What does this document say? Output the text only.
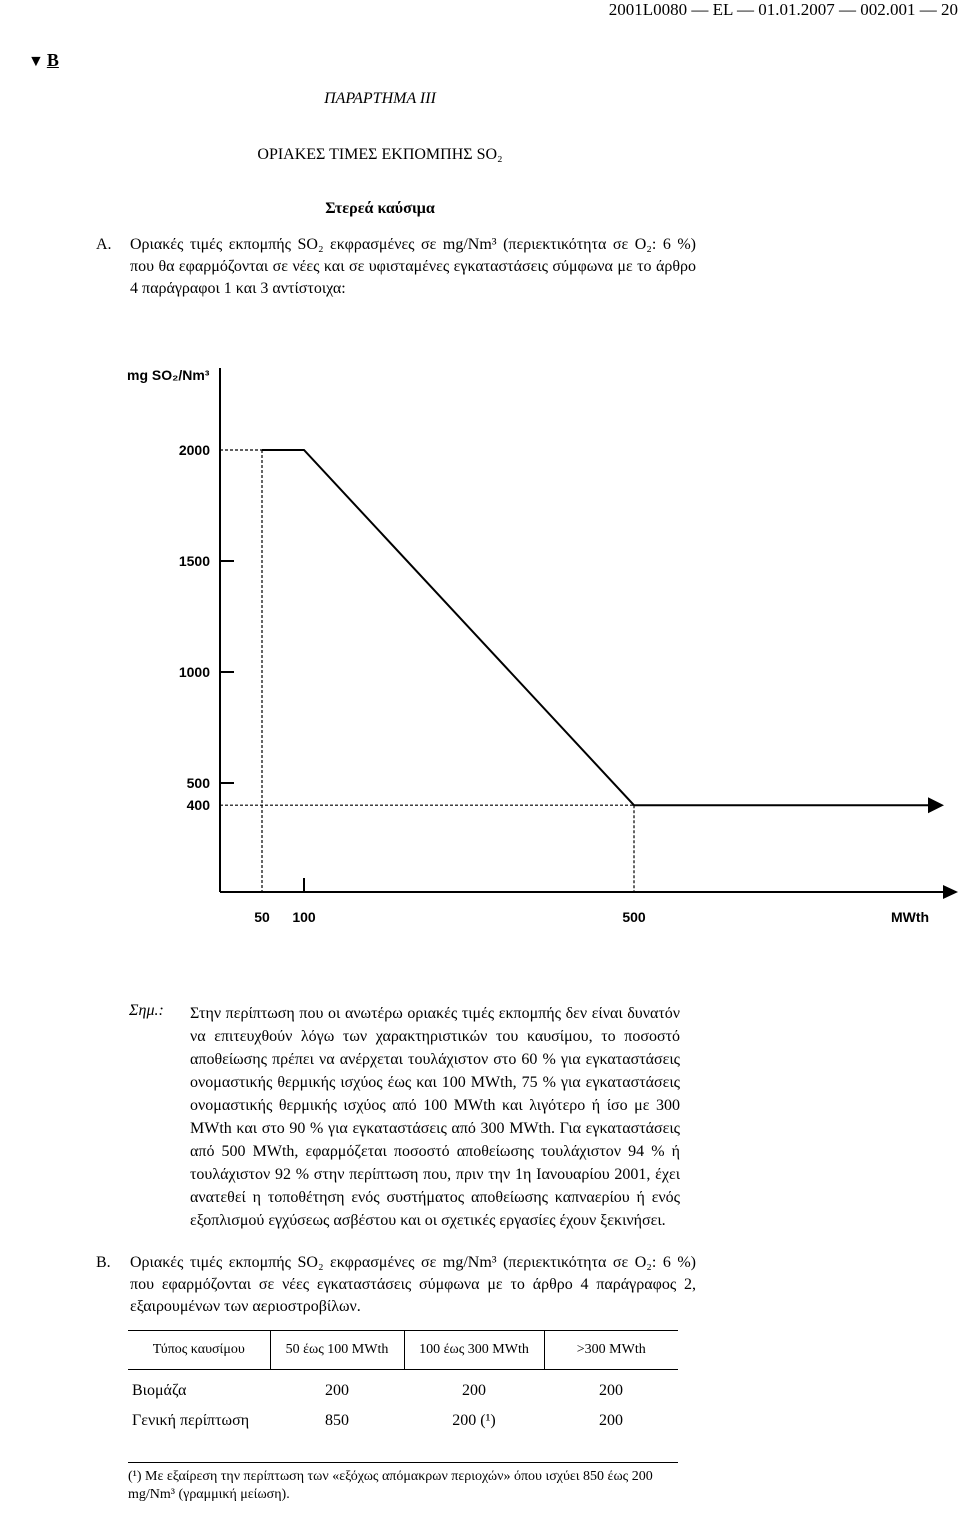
2001L0080 — EL — 01.01.2007 — 002.001 — 20
▼ B
ΠΑΡΑΡΤΗΜΑ III
ΟΡΙΑΚΕΣ ΤΙΜΕΣ ΕΚΠΟΜΠΗΣ SO₂
Στερεά καύσιμα
A. Οριακές τιμές εκπομπής SO₂ εκφρασμένες σε mg/Nm³ (περιεκτικότητα σε O₂: 6 %) που θα εφαρμόζονται σε νέες και σε υφισταμένες εγκαταστάσεις σύμφωνα με το άρθρο 4 παράγραφοι 1 και 3 αντίστοιχα:
mg SO₂/Nm³
MWth
2000
1500
1000
500
400
50 100	500
Σημ.: Στην περίπτωση που οι ανωτέρω οριακές τιμές εκπομπής δεν είναι δυνατόν να επιτευχθούν λόγω των χαρακτηριστικών του καυσίμου, το ποσοστό αποθείωσης πρέπει να ανέρχεται τουλάχιστον στο 60 % για εγκαταστάσεις ονομαστικής θερμικής ισχύος έως και 100 MWth, 75 % για εγκαταστάσεις ονομαστικής θερμικής ισχύος από 100 MWth και λιγότερο ή ίσο με 300 MWth και στο 90 % για εγκαταστάσεις από 300 MWth. Για εγκαταστάσεις από 500 MWth, εφαρμόζεται ποσοστό αποθείωσης τουλάχιστον 94 % ή τουλάχιστον 92 % στην περίπτωση που, πριν την 1η Ιανουαρίου 2001, έχει ανατεθεί η τοποθέτηση ενός συστήματος αποθείωσης καπναερίου ή ενός εξοπλισμού εγχύσεως ασβέστου και οι σχετικές εργασίες έχουν ξεκινήσει.
B. Οριακές τιμές εκπομπής SO₂ εκφρασμένες σε mg/Nm³ (περιεκτικότητα σε O₂: 6 %) που εφαρμόζονται σε νέες εγκαταστάσεις σύμφωνα με το άρθρο 4 παράγραφος 2, εξαιρουμένων των αεριοστροβίλων.
Τύπος καυσίμου	50 έως 100 MWth	100 έως 300 MWth	>300 MWth
Βιομάζα	200	200	200
Γενική περίπτωση	850	200 (¹)	200
(¹) Με εξαίρεση την περίπτωση των «εξόχως απόμακρων περιοχών» όπου ισχύει 850 έως 200 mg/Nm³ (γραμμική μείωση).
